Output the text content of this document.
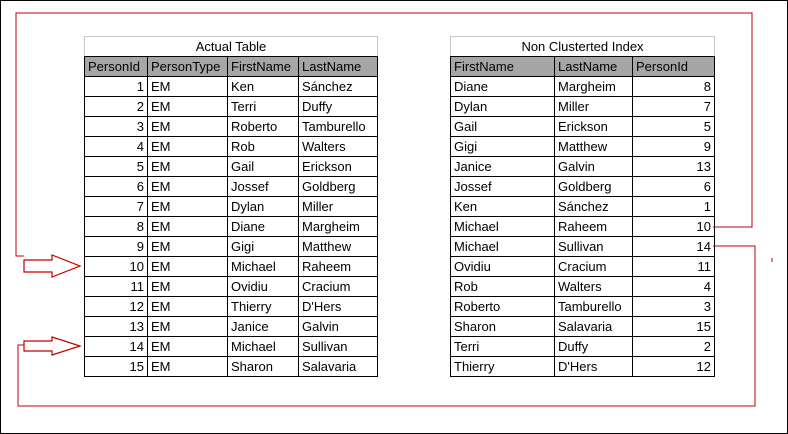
Actual Table			
PersonId	PersonType	FirstName	LastName
1	EM	Ken	Sánchez
2	EM	Terri	Duffy
3	EM	Roberto	Tamburello
4	EM	Rob	Walters
5	EM	Gail	Erickson
6	EM	Jossef	Goldberg
7	EM	Dylan	Miller
8	EM	Diane	Margheim
9	EM	Gigi	Matthew
10	EM	Michael	Raheem
11	EM	Ovidiu	Cracium
12	EM	Thierry	D'Hers
13	EM	Janice	Galvin
14	EM	Michael	Sullivan
15	EM	Sharon	Salavaria
Non Clusterted Index		
FirstName	LastName	PersonId
Diane	Margheim	8
Dylan	Miller	7
Gail	Erickson	5
Gigi	Matthew	9
Janice	Galvin	13
Jossef	Goldberg	6
Ken	Sánchez	1
Michael	Raheem	10
Michael	Sullivan	14
Ovidiu	Cracium	11
Rob	Walters	4
Roberto	Tamburello	3
Sharon	Salavaria	15
Terri	Duffy	2
Thierry	D'Hers	12
